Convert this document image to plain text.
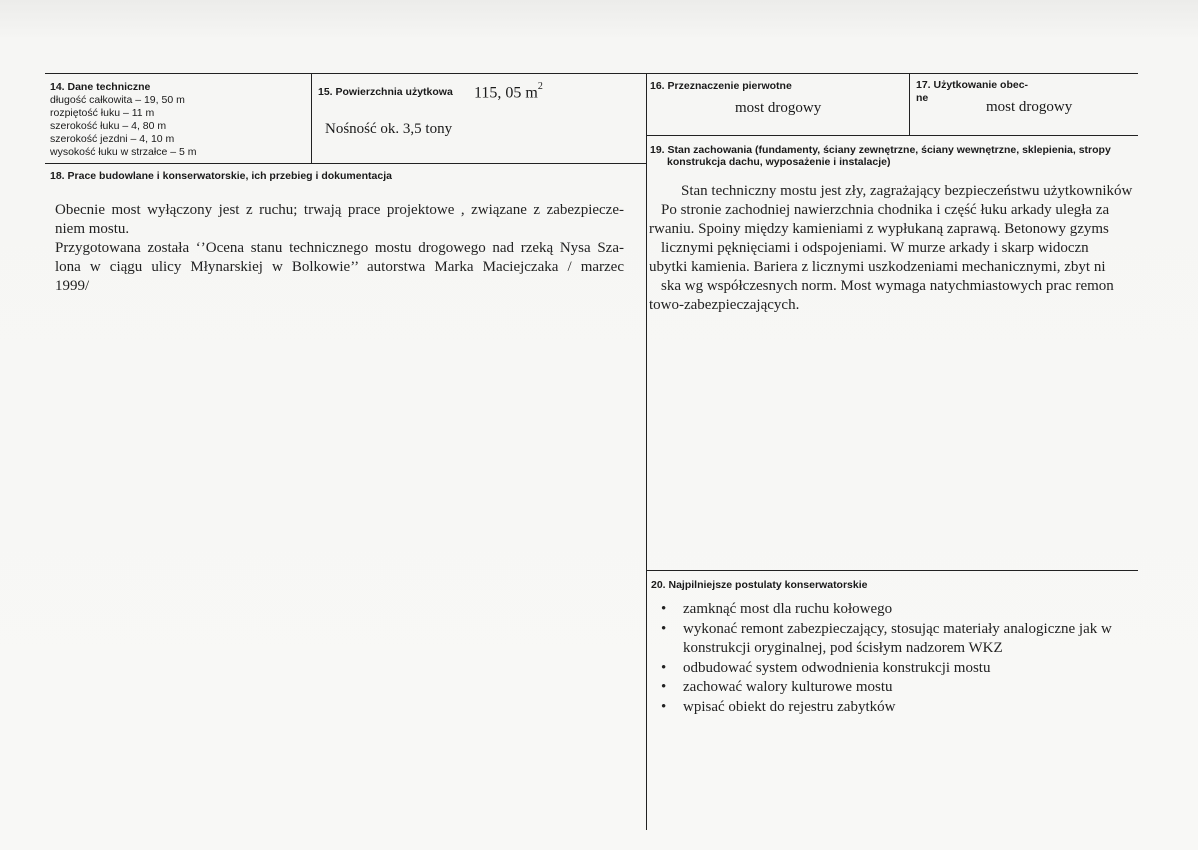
14. Dane techniczne
długość całkowita – 19, 50 m
rozpiętość łuku – 11 m
szerokość łuku – 4, 80 m
szerokość jezdni – 4, 10 m
wysokość łuku w strzałce – 5 m
15. Powierzchnia użytkowa 115, 05 $m^2$
Nośność ok. 3,5 tony
16. Przeznaczenie pierwotne
most drogowy
17. Użytkowanie obec-
ne
most drogowy
18. Prace budowlane i konserwatorskie, ich przebieg i dokumentacja

Obecnie most wyłączony jest z ruchu; trwają prace projektowe , związane z zabezpiecze-

niem mostu.

Przygotowana została ‘’Ocena stanu technicznego mostu drogowego nad rzeką Nysa Sza-

lona w ciągu ulicy Młynarskiej w Bolkowie’’ autorstwa Marka Maciejczaka / marzec

1999/

19. Stan zachowania (fundamenty, ściany zewnętrzne, ściany wewnętrzne, sklepienia, stropy
konstrukcja dachu, wyposażenie i instalacje)

Stan techniczny mostu jest zły, zagrażający bezpieczeństwu użytkowników

Po stronie zachodniej nawierzchnia chodnika i część łuku arkady uległa za

rwaniu. Spoiny między kamieniami z wypłukaną zaprawą. Betonowy gzyms

licznymi pęknięciami i odspojeniami. W murze arkady i skarp widoczn

ubytki kamienia. Bariera z licznymi uszkodzeniami mechanicznymi, zbyt ni

ska wg współczesnych norm. Most wymaga natychmiastowych prac remon

towo-zabezpieczających.

20. Najpilniejsze postulaty konserwatorskie
• zamknąć most dla ruchu kołowego
• wykonać remont zabezpieczający, stosując materiały analogiczne jak w
konstrukcji oryginalnej, pod ścisłym nadzorem WKZ
• odbudować system odwodnienia konstrukcji mostu
• zachować walory kulturowe mostu
• wpisać obiekt do rejestru zabytków
